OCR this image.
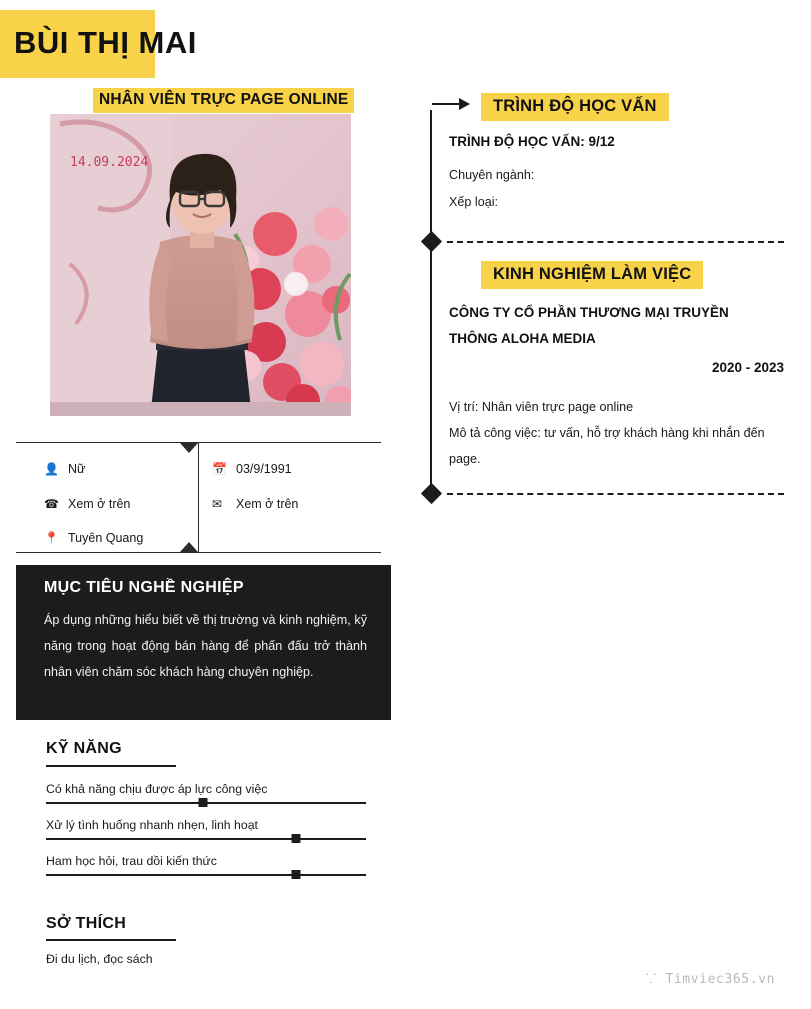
BÙI THỊ MAI
NHÂN VIÊN TRỰC PAGE ONLINE
14.09.2024
👤 Nữ	📅 03/9/1991
☎ Xem ở trên	✉	Xem ở trên
📍 Tuyên Quang
MỤC TIÊU NGHỀ NGHIỆP
Áp dụng những hiểu biết về thị trường và kinh nghiệm, kỹ năng trong hoạt động bán hàng để phấn đấu trở thành nhân viên chăm sóc khách hàng chuyên nghiệp.
KỸ NĂNG
Có khả năng chịu được áp lực công việc
Xử lý tình huống nhanh nhẹn, linh hoạt
Ham học hỏi, trau dồi kiến thức
SỞ THÍCH
Đi du lịch, đọc sách
TRÌNH ĐỘ HỌC VẤN
TRÌNH ĐỘ HỌC VẤN: 9/12
Chuyên ngành:
Xếp loại:
KINH NGHIỆM LÀM VIỆC
CÔNG TY CỔ PHẦN THƯƠNG MẠI TRUYỀN THÔNG ALOHA MEDIA
2020 - 2023
Vị trí: Nhân viên trực page online
Mô tả công việc: tư vấn, hỗ trợ khách hàng khi nhắn đến page.
⸪ Timviec365.vn
